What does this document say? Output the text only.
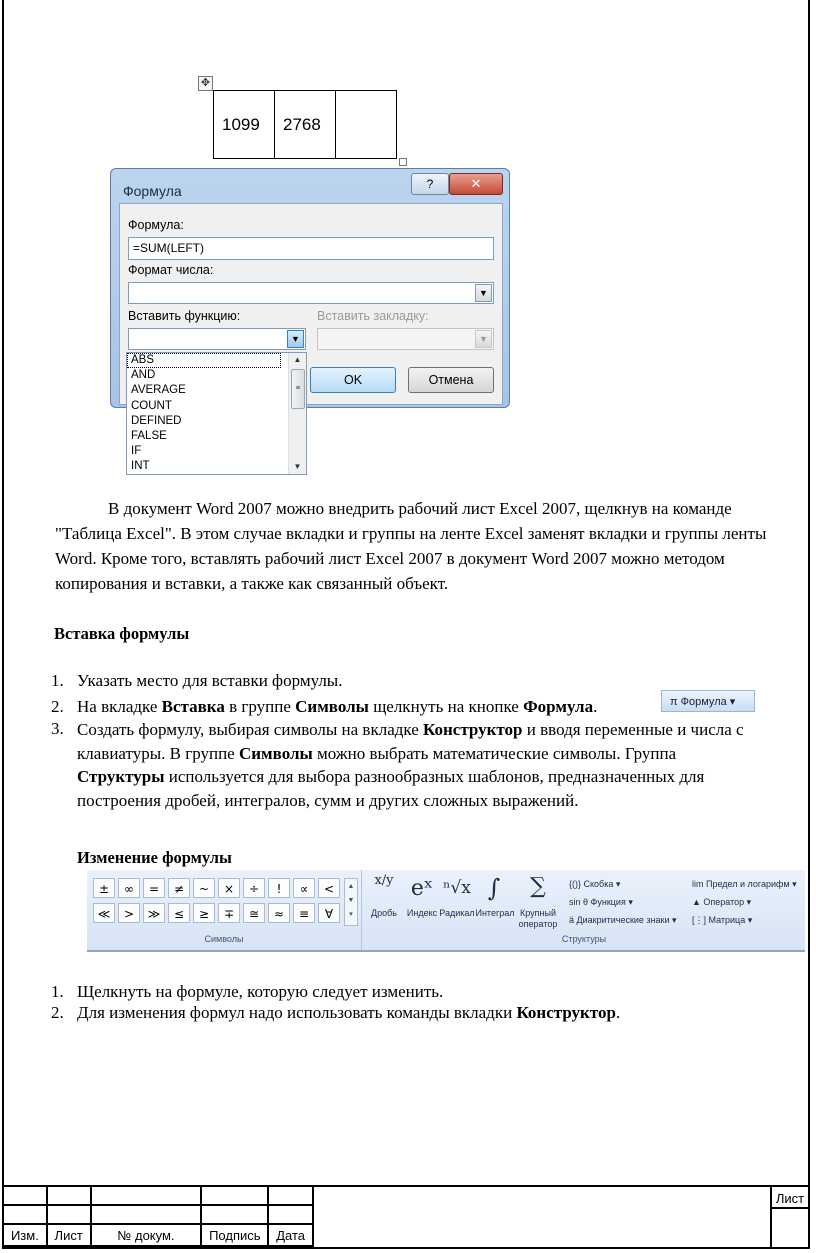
✥
1099	2768	
Формула	?	✕
Формула:
=SUM(LEFT)
Формат числа:
▼
Вставить функцию:	Вставить закладку:
▼	▼
OK	Отмена
ABS
AND
AVERAGE
COUNT
DEFINED
FALSE
IF
INT
▲
≡
▼
В документ Word 2007 можно внедрить рабочий лист Excel 2007, щелкнув на команде "Таблица Excel". В этом случае вкладки и группы на ленте Excel заменят вкладки и группы ленты Word. Кроме того, вставлять рабочий лист Excel 2007 в документ Word 2007 можно методом копирования и вставки, а также как связанный объект.
Вставка формулы
1. Указать место для вставки формулы.
2. На вкладке Вставка в группе Символы щелкнуть на кнопке Формула.	π Формула ▾
3. Создать формулу, выбирая символы на вкладке Конструктор и вводя переменные и числа с клавиатуры. В группе Символы можно выбрать математические символы. Группа Структуры используется для выбора разнообразных шаблонов, предназначенных для построения дробей, интегралов, сумм и других сложных выражений.
Изменение формулы
±	∞	=	≠	~	×	÷	!	∝	<
≪	>	≫	≤	≥	∓	≅	≈	≡	∀
▲
▼
▾
Символы
x/y
Дробь
eˣ
Индекс
ⁿ√x
Радикал
∫
Интеграл
∑
Крупный оператор
{()} Скобка ▾
sin θ Функция ▾
ä Диакритические знаки ▾
lim Предел и логарифм ▾
▲ Оператор ▾
[⋮] Матрица ▾
Структуры
1. Щелкнуть на формуле, которую следует изменить.
2. Для изменения формул надо использовать команды вкладки Конструктор.

Изм.	Лист	№ докум.	Подпись	Дата
Лист
